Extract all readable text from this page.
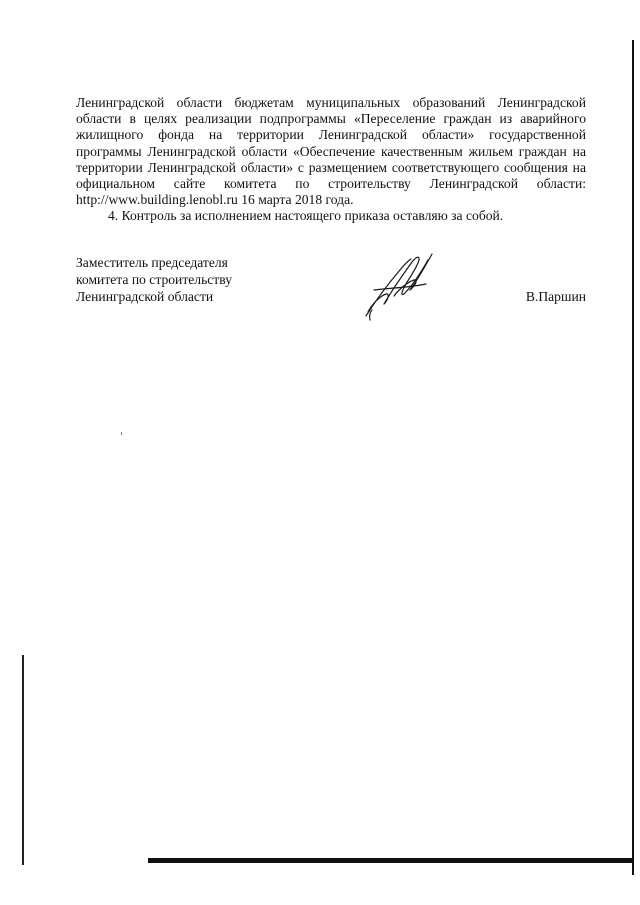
Ленинградской области бюджетам муниципальных образований Ленинградской области в целях реализации подпрограммы «Переселение граждан из аварийного жилищного фонда на территории Ленинградской области» государственной программы Ленинградской области «Обеспечение качественным жильем граждан на территории Ленинградской области» с размещением соответствующего сообщения на официальном сайте комитета по строительству Ленинградской области: http://www.building.lenobl.ru 16 марта 2018 года.

4. Контроль за исполнением настоящего приказа оставляю за собой.

Заместитель председателя
комитета по строительству
Ленинградской области	В.Паршин
